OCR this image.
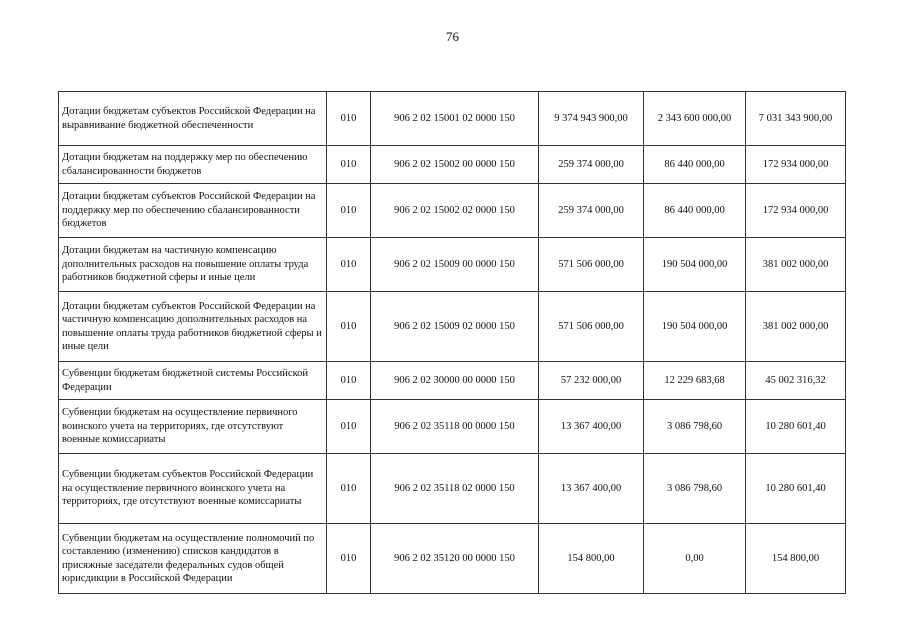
76
Дотации бюджетам субъектов Российской Федерации на выравнивание бюджетной обеспеченности	010	906 2 02 15001 02 0000 150	9 374 943 900,00	2 343 600 000,00	7 031 343 900,00
Дотации бюджетам на поддержку мер по обеспечению сбалансированности бюджетов	010	906 2 02 15002 00 0000 150	259 374 000,00	86 440 000,00	172 934 000,00
Дотации бюджетам субъектов Российской Федерации на поддержку мер по обеспечению сбалансированности бюджетов	010	906 2 02 15002 02 0000 150	259 374 000,00	86 440 000,00	172 934 000,00
Дотации бюджетам на частичную компенсацию дополнительных расходов на повышение оплаты труда работников бюджетной сферы и иные цели	010	906 2 02 15009 00 0000 150	571 506 000,00	190 504 000,00	381 002 000,00
Дотации бюджетам субъектов Российской Федерации на частичную компенсацию дополнительных расходов на повышение оплаты труда работников бюджетной сферы и иные цели	010	906 2 02 15009 02 0000 150	571 506 000,00	190 504 000,00	381 002 000,00
Субвенции бюджетам бюджетной системы Российской Федерации	010	906 2 02 30000 00 0000 150	57 232 000,00	12 229 683,68	45 002 316,32
Субвенции бюджетам на осуществление первичного воинского учета на территориях, где отсутствуют военные комиссариаты	010	906 2 02 35118 00 0000 150	13 367 400,00	3 086 798,60	10 280 601,40
Субвенции бюджетам субъектов Российской Федерации на осуществление первичного воинского учета на территориях, где отсутствуют военные комиссариаты	010	906 2 02 35118 02 0000 150	13 367 400,00	3 086 798,60	10 280 601,40
Субвенции бюджетам на осуществление полномочий по составлению (изменению) списков кандидатов в присяжные заседатели федеральных судов общей юрисдикции в Российской Федерации	010	906 2 02 35120 00 0000 150	154 800,00	0,00	154 800,00
